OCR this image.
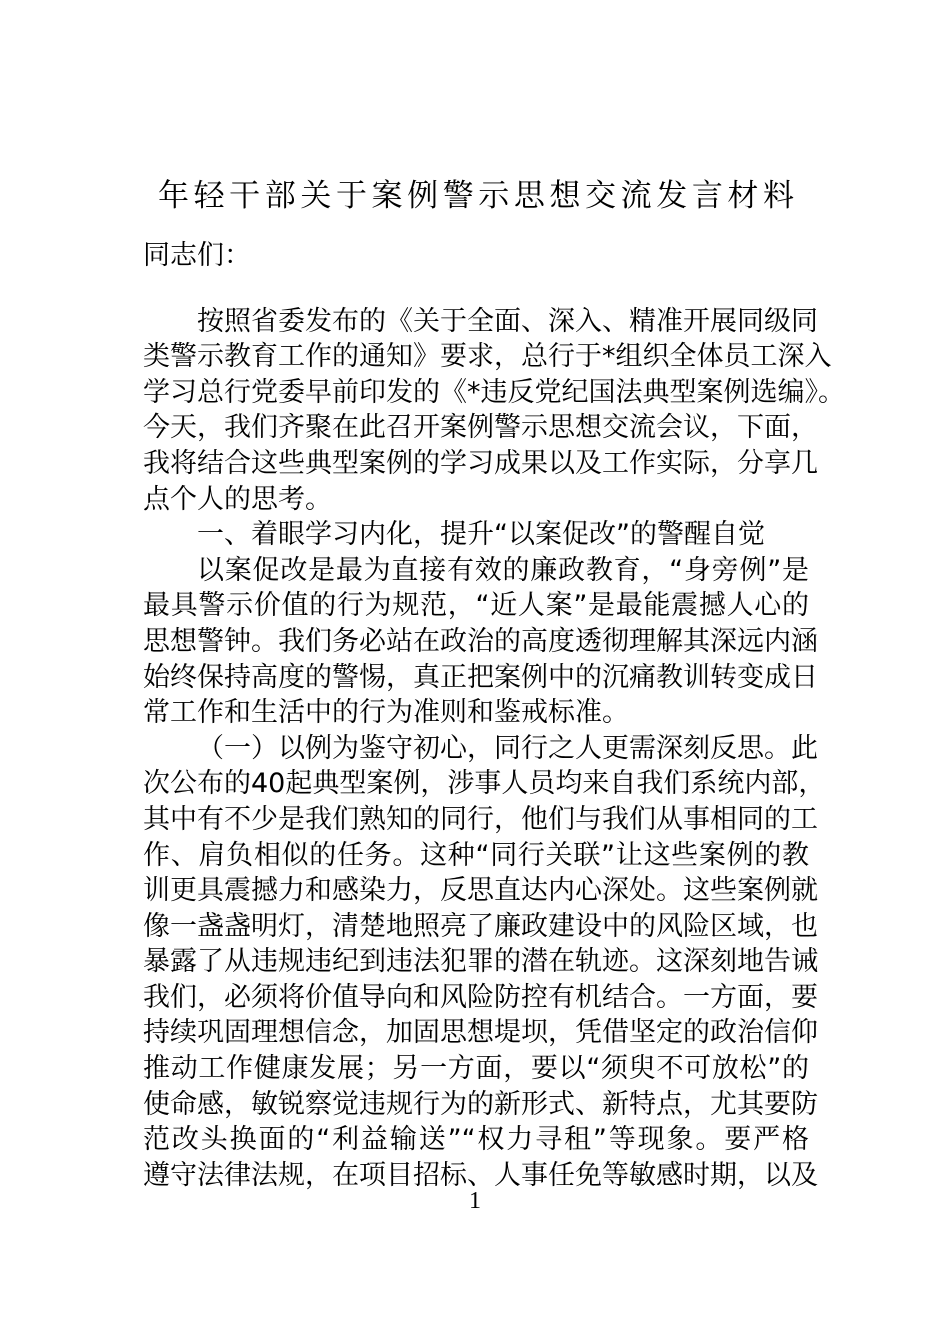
年轻干部关于案例警示思想交流发言材料
同志们：
按照省委发布的《关于全面、深入、精准开展同级同
类警示教育工作的通知》要求，总行于*组织全体员工深入
学习总行党委早前印发的《*违反党纪国法典型案例选编》。
今天，我们齐聚在此召开案例警示思想交流会议，下面，
我将结合这些典型案例的学习成果以及工作实际，分享几
点个人的思考。
一、着眼学习内化，提升“以案促改”的警醒自觉
以案促改是最为直接有效的廉政教育，“身旁例”是
最具警示价值的行为规范，“近人案”是最能震撼人心的
思想警钟。我们务必站在政治的高度透彻理解其深远内涵
始终保持高度的警惕，真正把案例中的沉痛教训转变成日
常工作和生活中的行为准则和鉴戒标准。
（一）以例为鉴守初心，同行之人更需深刻反思。此
次公布的40起典型案例，涉事人员均来自我们系统内部，
其中有不少是我们熟知的同行，他们与我们从事相同的工
作、肩负相似的任务。这种“同行关联”让这些案例的教
训更具震撼力和感染力，反思直达内心深处。这些案例就
像一盏盏明灯，清楚地照亮了廉政建设中的风险区域，也
暴露了从违规违纪到违法犯罪的潜在轨迹。这深刻地告诫
我们，必须将价值导向和风险防控有机结合。一方面，要
持续巩固理想信念，加固思想堤坝，凭借坚定的政治信仰
推动工作健康发展；另一方面，要以“须臾不可放松”的
使命感，敏锐察觉违规行为的新形式、新特点，尤其要防
范改头换面的“利益输送”“权力寻租”等现象。要严格
遵守法律法规，在项目招标、人事任免等敏感时期，以及
1
